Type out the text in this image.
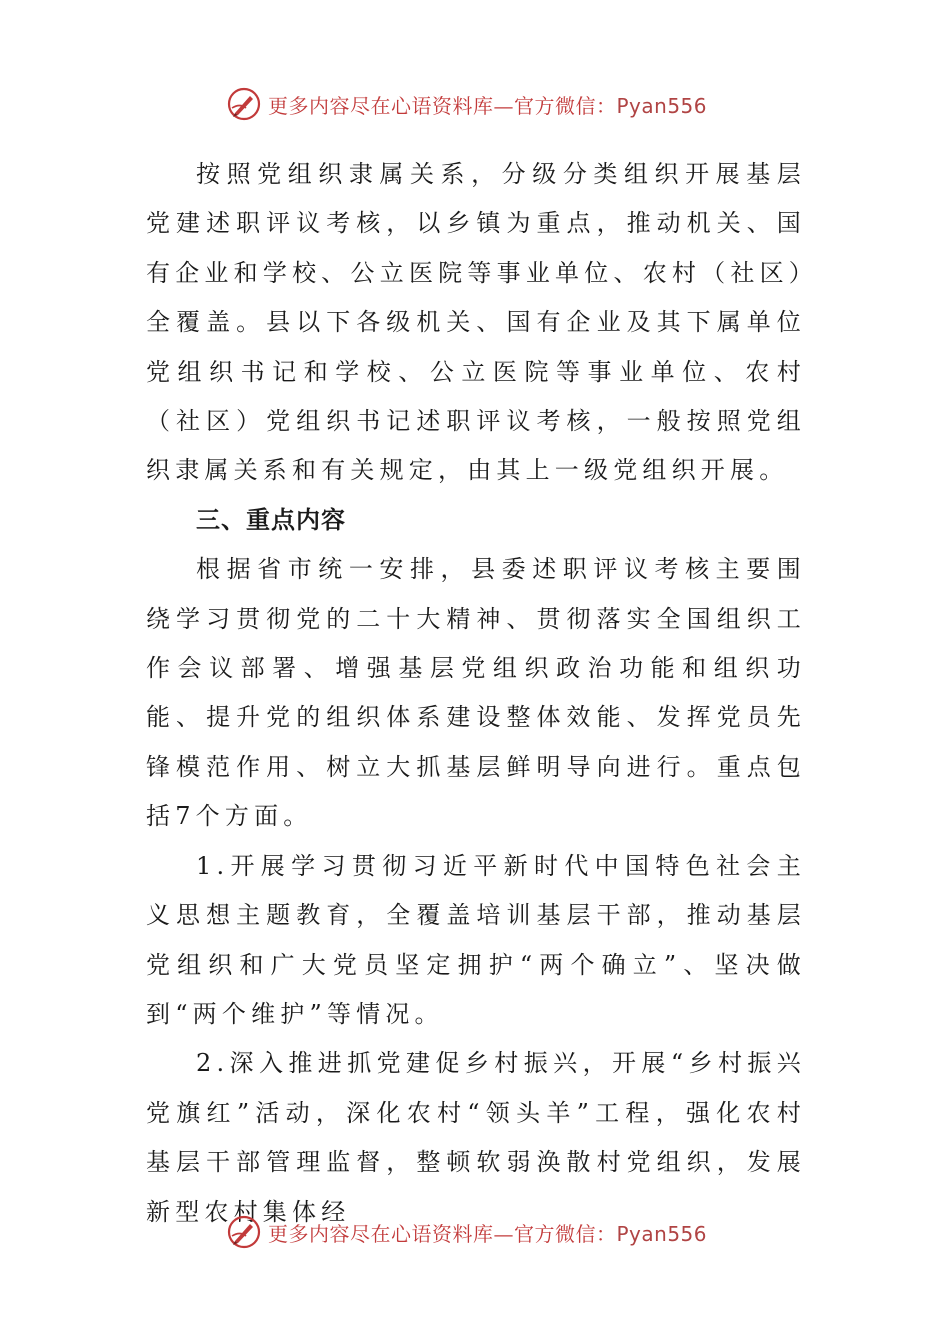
更多内容尽在心语资料库—官方微信：Pyan556

按照党组织隶属关系，分级分类组织开展基层党建述职评议考核，以乡镇为重点，推动机关、国有企业和学校、公立医院等事业单位、农村（社区）全覆盖。县以下各级机关、国有企业及其下属单位党组织书记和学校、公立医院等事业单位、农村（社区）党组织书记述职评议考核，一般按照党组织隶属关系和有关规定，由其上一级党组织开展。

三、重点内容

根据省市统一安排，县委述职评议考核主要围绕学习贯彻党的二十大精神、贯彻落实全国组织工作会议部署、增强基层党组织政治功能和组织功能、提升党的组织体系建设整体效能、发挥党员先锋模范作用、树立大抓基层鲜明导向进行。重点包括7个方面。

1.开展学习贯彻习近平新时代中国特色社会主义思想主题教育，全覆盖培训基层干部，推动基层党组织和广大党员坚定拥护“两个确立”、坚决做到“两个维护”等情况。

2.深入推进抓党建促乡村振兴，开展“乡村振兴党旗红”活动，深化农村“领头羊”工程，强化农村基层干部管理监督，整顿软弱涣散村党组织，发展新型农村集体经

更多内容尽在心语资料库—官方微信：Pyan556
